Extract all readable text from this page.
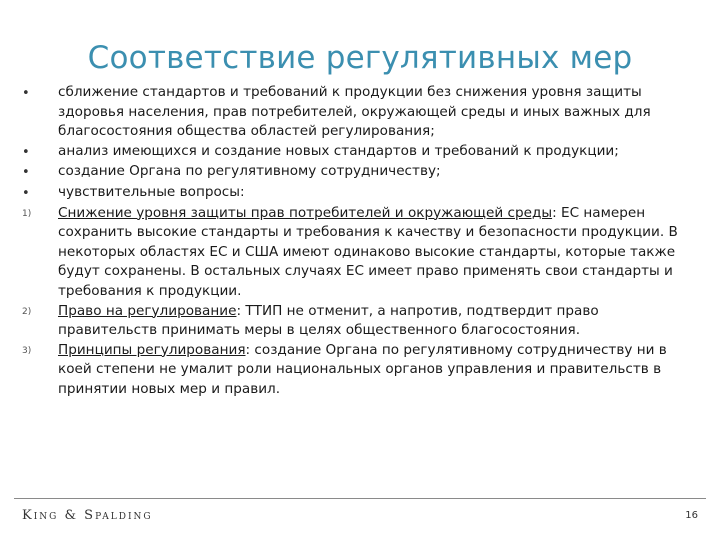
Соответствие регулятивных мер
•	сближение стандартов и требований к продукции без снижения уровня защиты здоровья населения, прав потребителей, окружающей среды и иных важных для благосостояния общества областей регулирования;
•	анализ имеющихся и создание новых стандартов и требований к продукции;
•	создание Органа по регулятивному сотрудничеству;
•	чувствительные вопросы:
1)	Снижение уровня защиты прав потребителей и окружающей среды: ЕС намерен сохранить высокие стандарты и требования к качеству и безопасности продукции. В некоторых областях ЕС и США имеют одинаково высокие стандарты, которые также будут сохранены. В остальных случаях ЕС имеет право применять свои стандарты и требования к продукции.
2)	Право на регулирование: ТТИП не отменит, а напротив, подтвердит право правительств принимать меры в целях общественного благосостояния.
3)	Принципы регулирования: создание Органа по регулятивному сотрудничеству ни в коей степени не умалит роли национальных органов управления и правительств в принятии новых мер и правил.
King & Spalding	16
